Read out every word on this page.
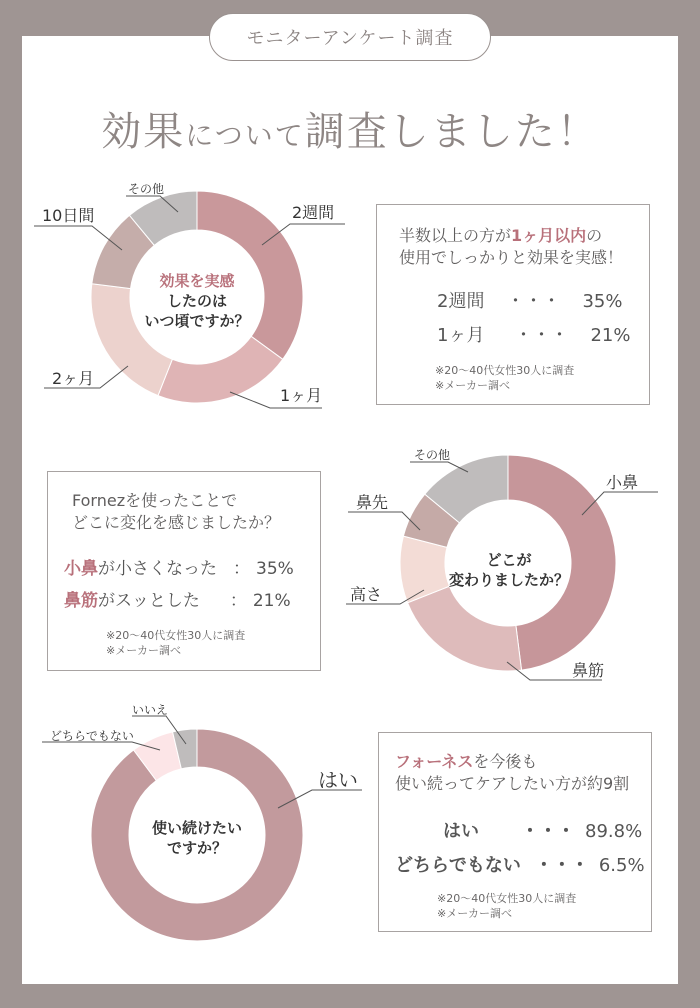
モニターアンケート調査
効果について調査しました！
効果を実感
したのは
いつ頃ですか？
2週間
1ヶ月
2ヶ月
10日間
その他
半数以上の方が1ヶ月以内の
使用でしっかりと効果を実感！
2週間 ・・・ 35%
1ヶ月 ・・・ 21%
※20～40代女性30人に調査
※メーカー調べ
Fornezを使ったことで
どこに変化を感じましたか？
小鼻が小さくなった ： 35%
鼻筋がスッとした ： 21%
※20～40代女性30人に調査
※メーカー調べ
どこが
変わりましたか？
小鼻
鼻筋
高さ
鼻先
その他
使い続けたい
ですか？
はい
どちらでもない
いいえ
フォーネスを今後も
使い続ってケアしたい方が約9割
はい ・・・ 89.8%
どちらでもない ・・・ 6.5%
※20～40代女性30人に調査
※メーカー調べ
